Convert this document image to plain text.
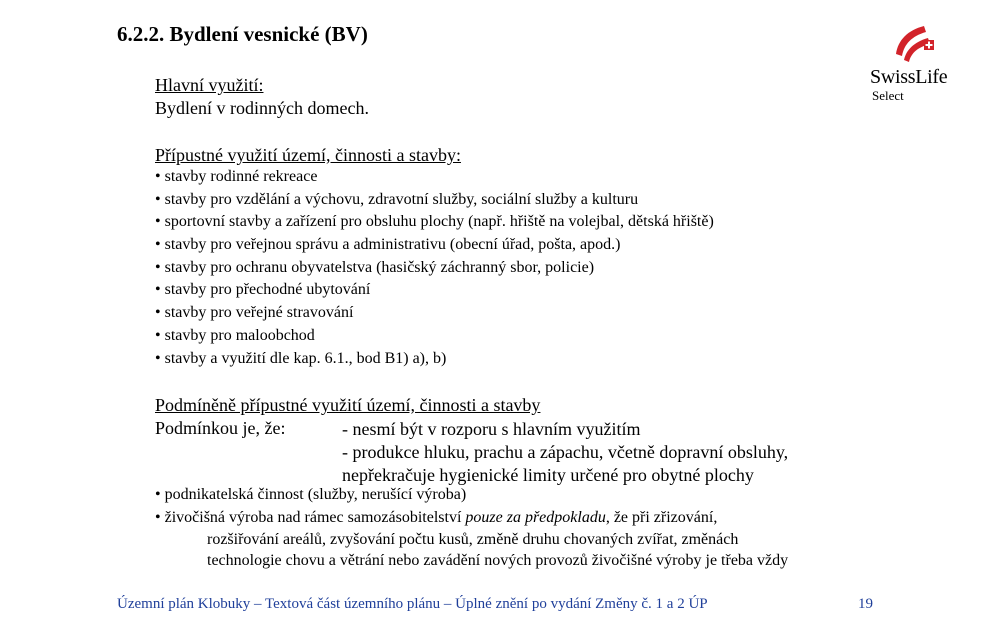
6.2.2. Bydlení vesnické (BV)
SwissLife
Select
Hlavní využití:
Bydlení v rodinných domech.
Přípustné využití území, činnosti a stavby:
• stavby rodinné rekreace
• stavby pro vzdělání a výchovu, zdravotní služby, sociální služby a kulturu
• sportovní stavby a zařízení pro obsluhu plochy (např. hřiště na volejbal, dětská hřiště)
• stavby pro veřejnou správu a administrativu (obecní úřad, pošta, apod.)
• stavby pro ochranu obyvatelstva (hasičský záchranný sbor, policie)
• stavby pro přechodné ubytování
• stavby pro veřejné stravování
• stavby pro maloobchod
• stavby a využití dle kap. 6.1., bod B1) a), b)
Podmíněně přípustné využití území, činnosti a stavby
Podmínkou je, že:	- nesmí být v rozporu s hlavním využitím
- produkce hluku, prachu a zápachu, včetně dopravní obsluhy,
nepřekračuje hygienické limity určené pro obytné plochy
• podnikatelská činnost (služby, nerušící výroba)
• živočišná výroba nad rámec samozásobitelství pouze za předpokladu, že při zřizování,
rozšiřování areálů, zvyšování počtu kusů, změně druhu chovaných zvířat, změnách
technologie chovu a větrání nebo zavádění nových provozů živočišné výroby je třeba vždy
Územní plán Klobuky – Textová část územního plánu – Úplné znění po vydání Změny č. 1 a 2 ÚP	19
